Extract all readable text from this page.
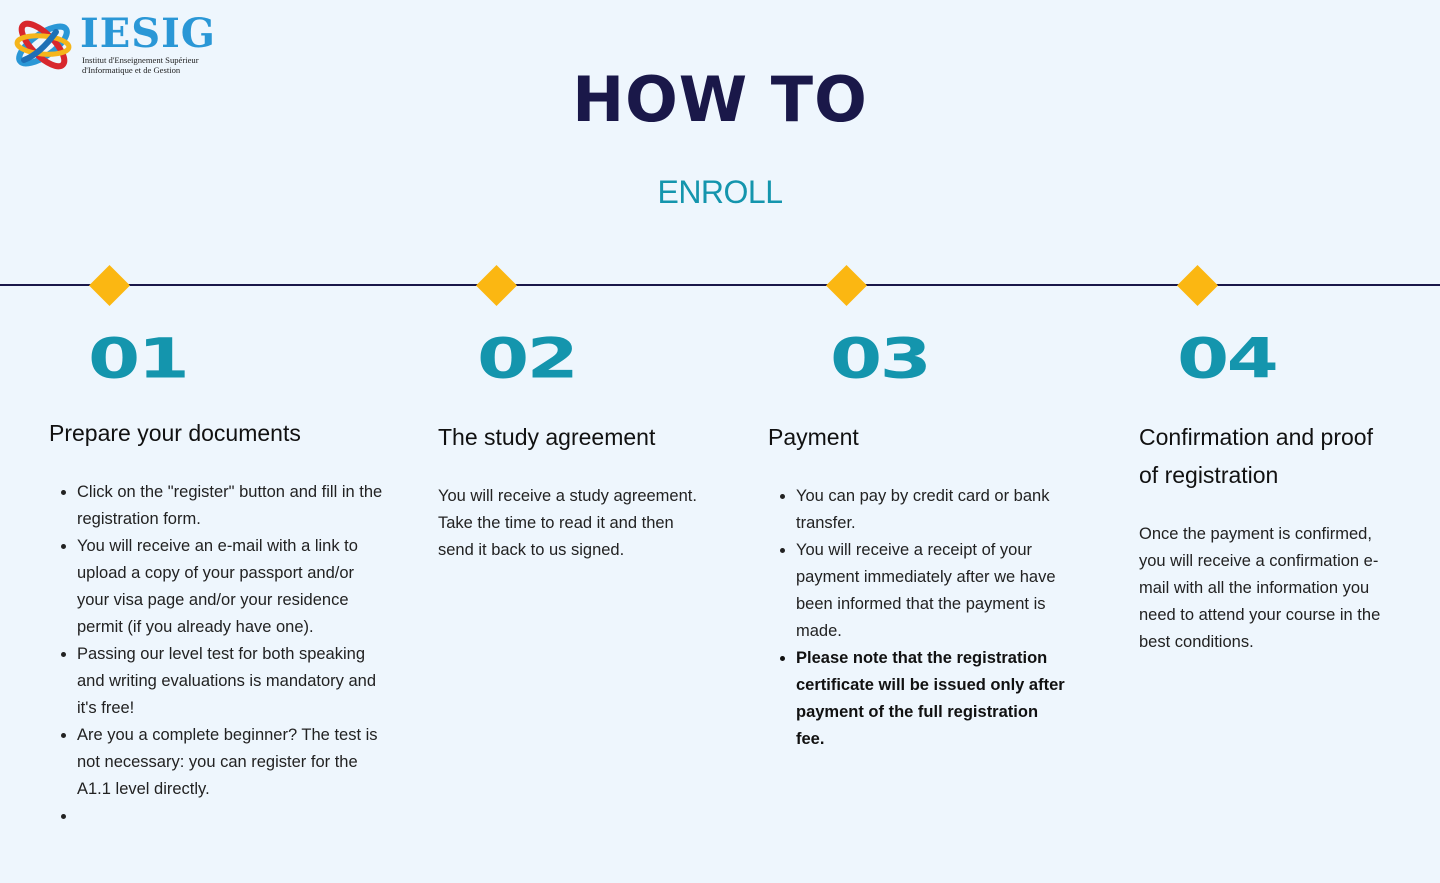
IESIG
Institut d'Enseignement Supérieur
d'Informatique et de Gestion	HOW TO
ENROLL
01
Prepare your documents
• Click on the "register" button and fill in the registration form.
• You will receive an e-mail with a link to upload a copy of your passport and/or your visa page and/or your residence permit (if you already have one).
• Passing our level test for both speaking and writing evaluations is mandatory and it's free!
• Are you a complete beginner? The test is not necessary: you can register for the A1.1 level directly.
•
02
The study agreement
You will receive a study agreement. Take the time to read it and then send it back to us signed.
03
Payment
• You can pay by credit card or bank transfer.
• You will receive a receipt of your payment immediately after we have been informed that the payment is made.
• Please note that the registration certificate will be issued only after payment of the full registration fee.
04
Confirmation and proof of registration
Once the payment is confirmed, you will receive a confirmation e-mail with all the information you need to attend your course in the best conditions.
